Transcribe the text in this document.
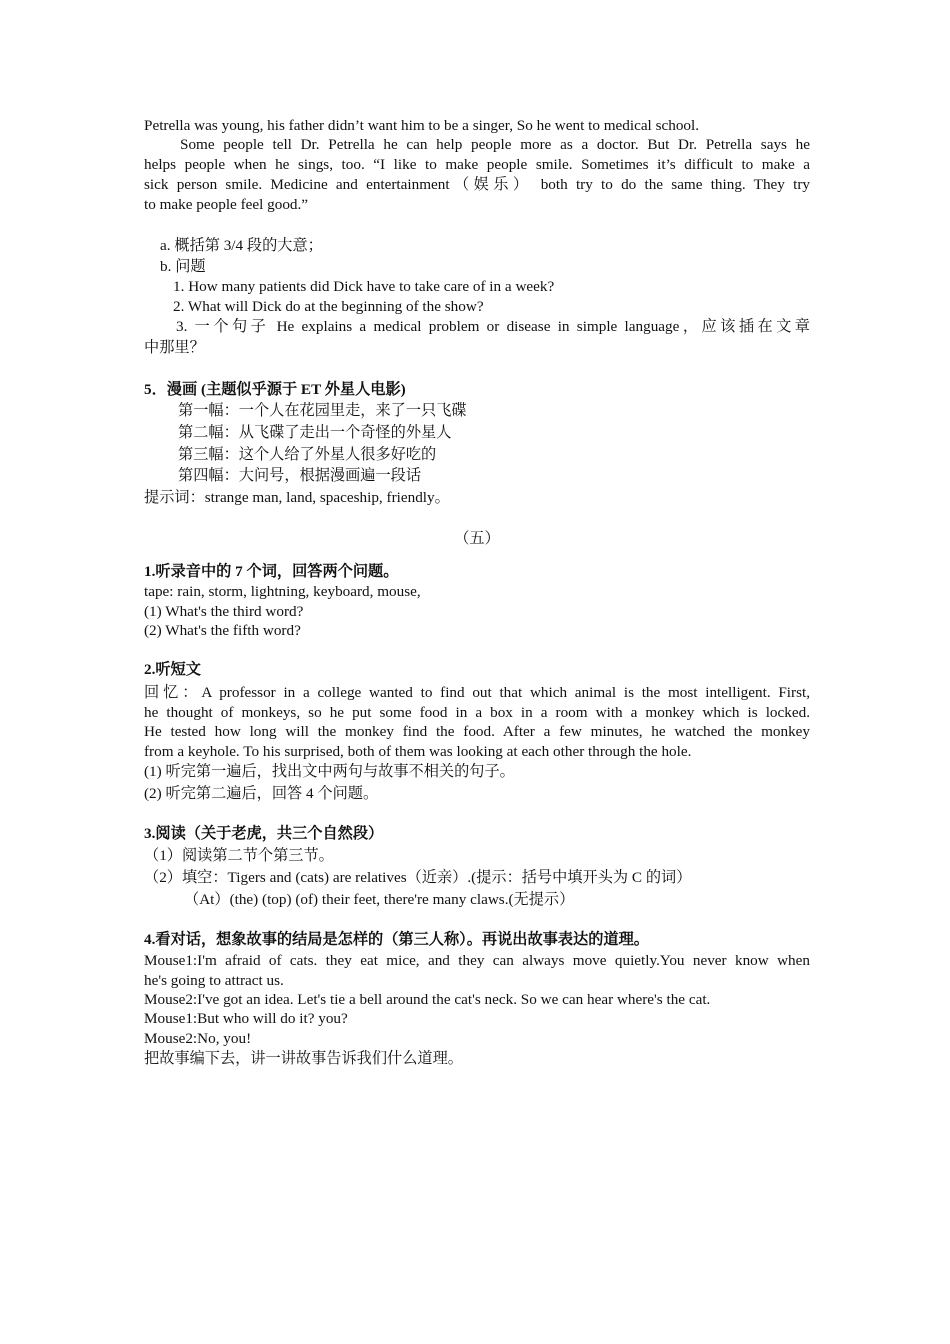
Petrella was young, his father didn’t want him to be a singer, So he went to medical school.
Some people tell Dr. Petrella he can help people more as a doctor. But Dr. Petrella says he
helps people when he sings, too. “I like to make people smile. Sometimes it’s difficult to make a
sick person smile. Medicine and entertainment（娱乐） both try to do the same thing. They try
to make people feel good.”
a. 概括第 3/4 段的大意；
b. 问题
1. How many patients did Dick have to take care of in a week?
2. What will Dick do at the beginning of the show?
3. 一个句子 He explains a medical problem or disease in simple language，应该插在文章
中那里？
5．漫画 (主题似乎源于 ET 外星人电影)
第一幅：一个人在花园里走，来了一只飞碟
第二幅：从飞碟了走出一个奇怪的外星人
第三幅：这个人给了外星人很多好吃的
第四幅：大问号，根据漫画遍一段话
提示词：strange man, land, spaceship, friendly。
（五）
1.听录音中的 7 个词，回答两个问题。
tape: rain, storm, lightning, keyboard, mouse,
(1) What's the third word?
(2) What's the fifth word?
2.听短文
回忆：A professor in a college wanted to find out that which animal is the most intelligent. First,
he thought of monkeys, so he put some food in a box in a room with a monkey which is locked.
He tested how long will the monkey find the food. After a few minutes, he watched the monkey
from a keyhole. To his surprised, both of them was looking at each other through the hole.
(1) 听完第一遍后，找出文中两句与故事不相关的句子。
(2) 听完第二遍后，回答 4 个问题。
3.阅读（关于老虎，共三个自然段）
（1）阅读第二节个第三节。
（2）填空：Tigers and (cats) are relatives（近亲）.(提示：括号中填开头为 C 的词）
（At）(the) (top) (of) their feet, there're many claws.(无提示）
4.看对话，想象故事的结局是怎样的（第三人称）。再说出故事表达的道理。
Mouse1:I'm afraid of cats. they eat mice, and they can always move quietly.You never know when
he's going to attract us.
Mouse2:I've got an idea. Let's tie a bell around the cat's neck. So we can hear where's the cat.
Mouse1:But who will do it? you?
Mouse2:No, you!
把故事编下去，讲一讲故事告诉我们什么道理。
